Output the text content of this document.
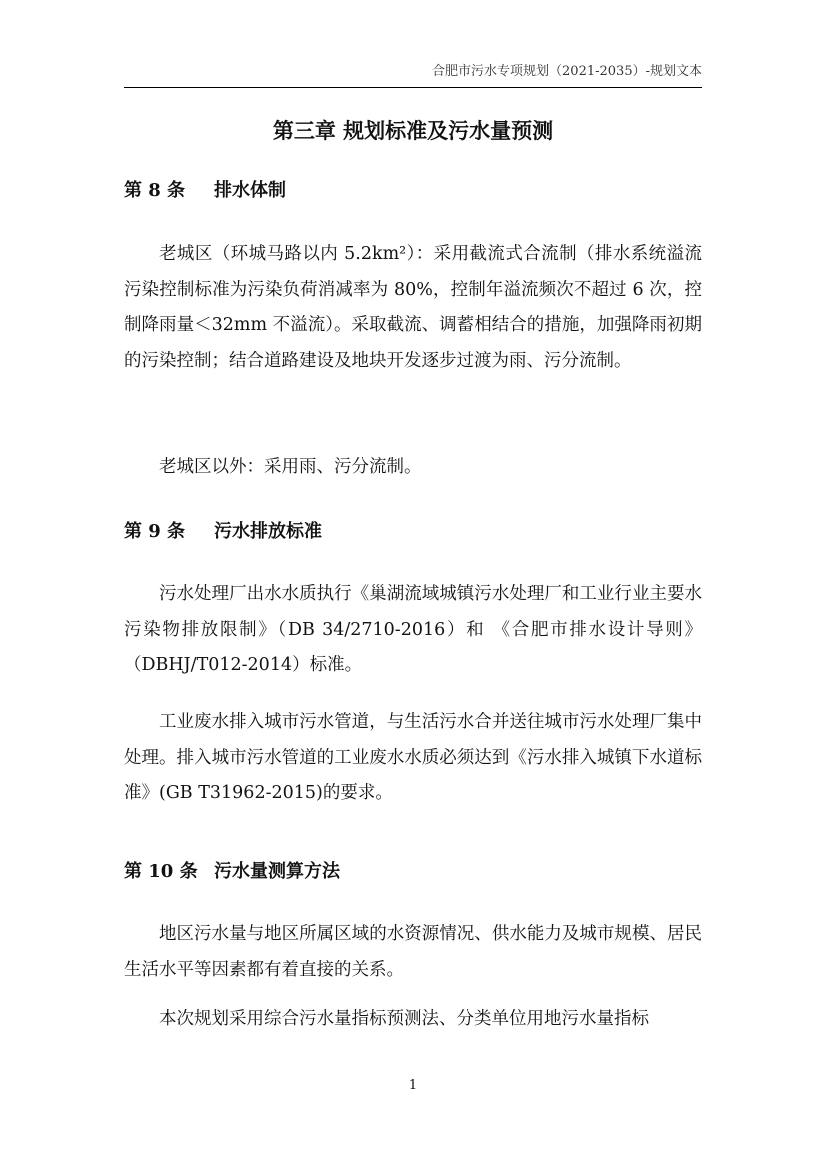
合肥市污水专项规划（2021-2035）-规划文本
第三章 规划标准及污水量预测
第 8 条 排水体制

老城区（环城马路以内 5.2km²）：采用截流式合流制（排水系统溢流污染控制标准为污染负荷消减率为 80%，控制年溢流频次不超过 6 次，控制降雨量＜32mm 不溢流）。采取截流、调蓄相结合的措施，加强降雨初期的污染控制；结合道路建设及地块开发逐步过渡为雨、污分流制。

老城区以外：采用雨、污分流制。

第 9 条 污水排放标准

污水处理厂出水水质执行《巢湖流域城镇污水处理厂和工业行业主要水污染物排放限制》（DB 34/2710-2016）和 《合肥市排水设计导则》（DBHJ/T012-2014）标准。

工业废水排入城市污水管道，与生活污水合并送往城市污水处理厂集中处理。排入城市污水管道的工业废水水质必须达到《污水排入城镇下水道标准》(GB T31962-2015)的要求。

第 10 条 污水量测算方法

地区污水量与地区所属区域的水资源情况、供水能力及城市规模、居民生活水平等因素都有着直接的关系。

本次规划采用综合污水量指标预测法、分类单位用地污水量指标

1
